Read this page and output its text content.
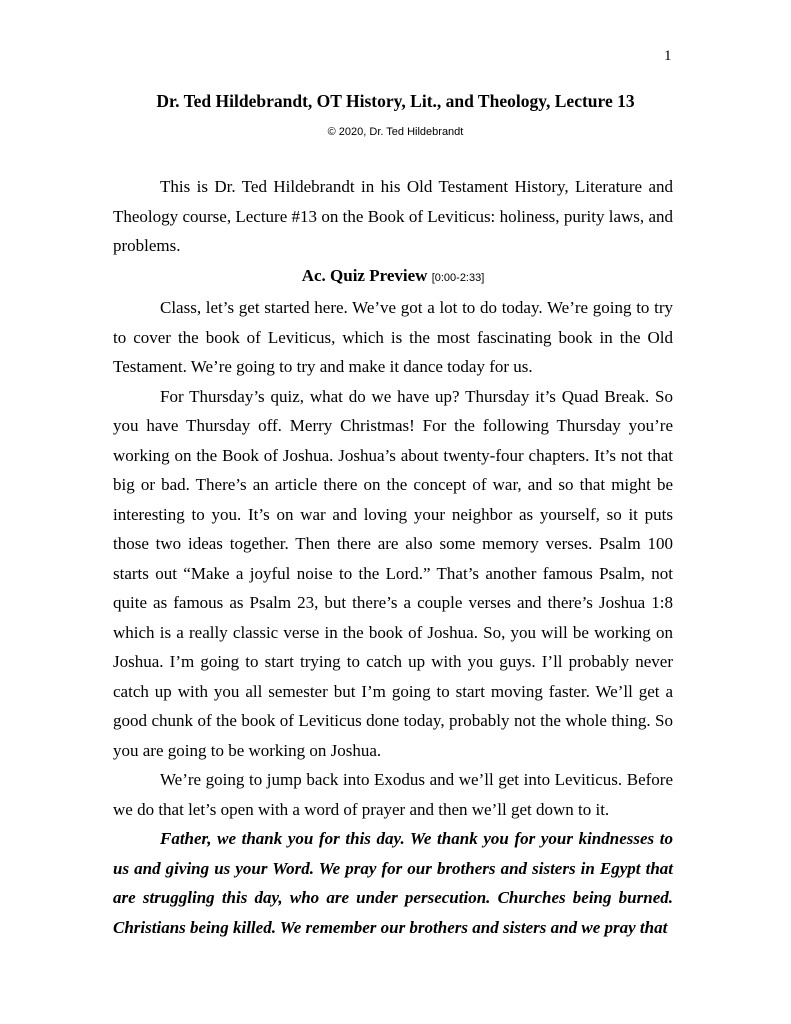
1
Dr. Ted Hildebrandt, OT History, Lit., and Theology, Lecture 13
© 2020, Dr. Ted Hildebrandt

This is Dr. Ted Hildebrandt in his Old Testament History, Literature and Theology course, Lecture #13 on the Book of Leviticus: holiness, purity laws, and problems.

Ac. Quiz Preview [0:00-2:33]

Class, let’s get started here. We’ve got a lot to do today. We’re going to try to cover the book of Leviticus, which is the most fascinating book in the Old Testament. We’re going to try and make it dance today for us.

For Thursday’s quiz, what do we have up? Thursday it’s Quad Break. So you have Thursday off. Merry Christmas! For the following Thursday you’re working on the Book of Joshua. Joshua’s about twenty-four chapters. It’s not that big or bad. There’s an article there on the concept of war, and so that might be interesting to you. It’s on war and loving your neighbor as yourself, so it puts those two ideas together. Then there are also some memory verses. Psalm 100 starts out “Make a joyful noise to the Lord.” That’s another famous Psalm, not quite as famous as Psalm 23, but there’s a couple verses and there’s Joshua 1:8 which is a really classic verse in the book of Joshua. So, you will be working on Joshua. I’m going to start trying to catch up with you guys. I’ll probably never catch up with you all semester but I’m going to start moving faster. We’ll get a good chunk of the book of Leviticus done today, probably not the whole thing. So you are going to be working on Joshua.

We’re going to jump back into Exodus and we’ll get into Leviticus. Before we do that let’s open with a word of prayer and then we’ll get down to it.

Father, we thank you for this day. We thank you for your kindnesses to us and giving us your Word. We pray for our brothers and sisters in Egypt that are struggling this day, who are under persecution. Churches being burned. Christians being killed. We remember our brothers and sisters and we pray that
